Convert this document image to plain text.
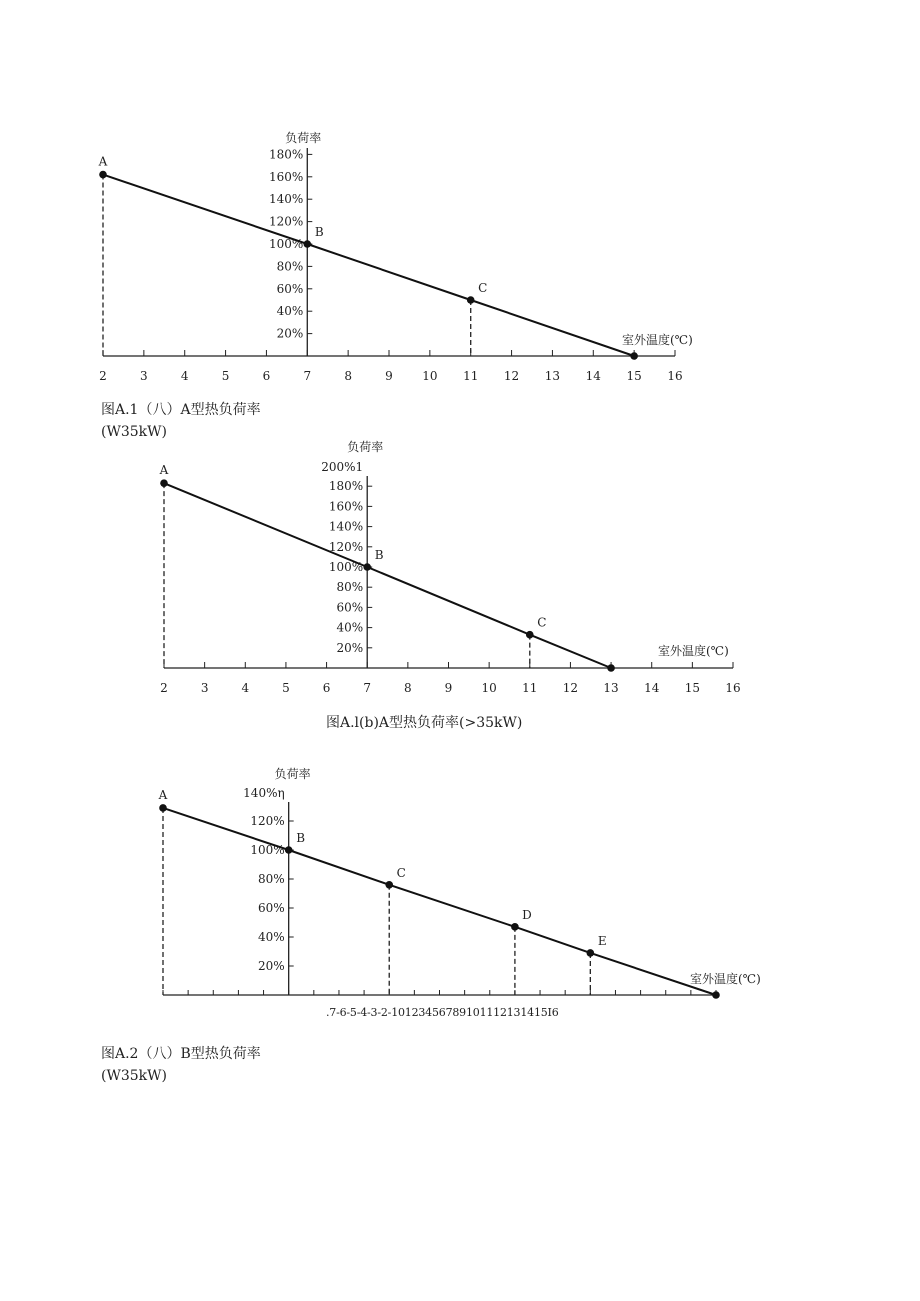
2	3	4	5	6	7	8	9 10 11 12 13 14 15 16
180%
160%
140%
120%
100%
80%
60%
40%
20%
负荷率
室外温度(℃)
A
B
C
2	3	4	5	6	7	8	9 10 11 12 13 14 15 16
180%
160%
140%
120%
100%
80%
60%
40%
20%
200%1
负荷率
室外温度(℃)
A
B
C
.7-6-5-4-3-2-10123456789101112131415I6
120%
100%
80%
60%
40%
20%
140%η
负荷率
室外温度(℃)
A
B
C
D
E
图A.1（八）A型热负荷率
(W35kW)
图A.l(b)A型热负荷率(>35kW)
图A.2（八）B型热负荷率
(W35kW)
